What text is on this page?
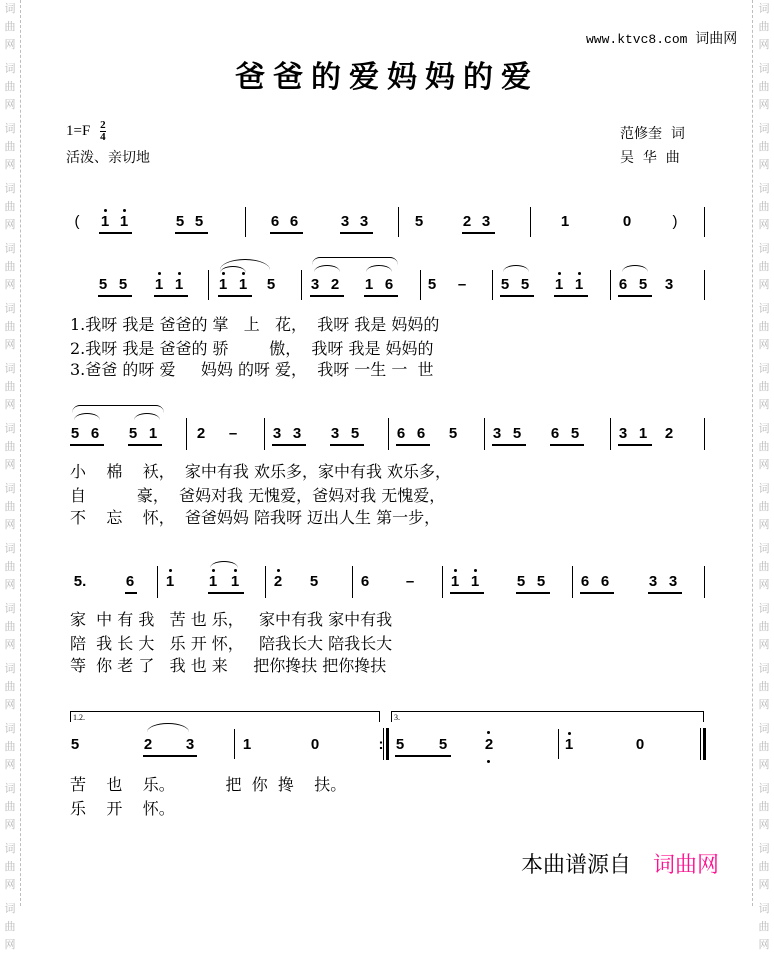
词
曲
网
词
曲
网
词
曲
网
词
曲
网
词
曲
网
词
曲
网
词
曲
网
词
曲
网
词
曲
网
词
曲
网
词
曲
网
词
曲
网
词
曲
网
词
曲
网
词
曲
网
词
曲
网
词
曲
网
词
曲
网
词
曲
网
词
曲
网
词
曲
网
词
曲
网
词
曲
网
词
曲
网
词
曲
网
词
曲
网
词
曲
网
词
曲
网
词
曲
网
词
曲
网
词
曲
网
词
曲
网
www.ktvc8.com 词曲网
爸爸的爱妈妈的爱
$1=F \frac{2}{4}$
活泼、亲切地
范修奎  词
吴  华  曲
(	1 1	5 5	6 6	3 3	5	2 3	1	0	)
5 5 1 1 1 1 5 3 2 1 6 5 – 5 5 1 1 6 5 3
1.我呀 我是 爸爸的 掌   上   花，  我呀 我是 妈妈的
2.我呀 我是 爸爸的 骄        傲，  我呀 我是 妈妈的
3.爸爸 的呀 爱     妈妈 的呀 爱，  我呀 一生 一  世
5 6 5 1	2 – 3 3 3 5	6 6 5 3 5 6 5	3 1 2
小    棉    袄，  家中有我 欢乐多，家中有我 欢乐多，
自          豪，  爸妈对我 无愧爱，爸妈对我 无愧爱，
不    忘    怀，  爸爸妈妈 陪我呀 迈出人生 第一步，
5.	6 1 1 1 2 5	6 – 1 1	5 5 6 6	3 3
家  中 有 我   苦 也 乐，   家中有我 家中有我
陪  我 长 大   乐 开 怀，   陪我长大 陪我长大
等  你 老 了   我 也 来     把你搀扶 把你搀扶
1.2.	3.
5	2 3	1	0	: 5 5	2	1	0
苦    也    乐。          把  你  搀    扶。
乐    开    怀。
本曲谱源自 词曲网
